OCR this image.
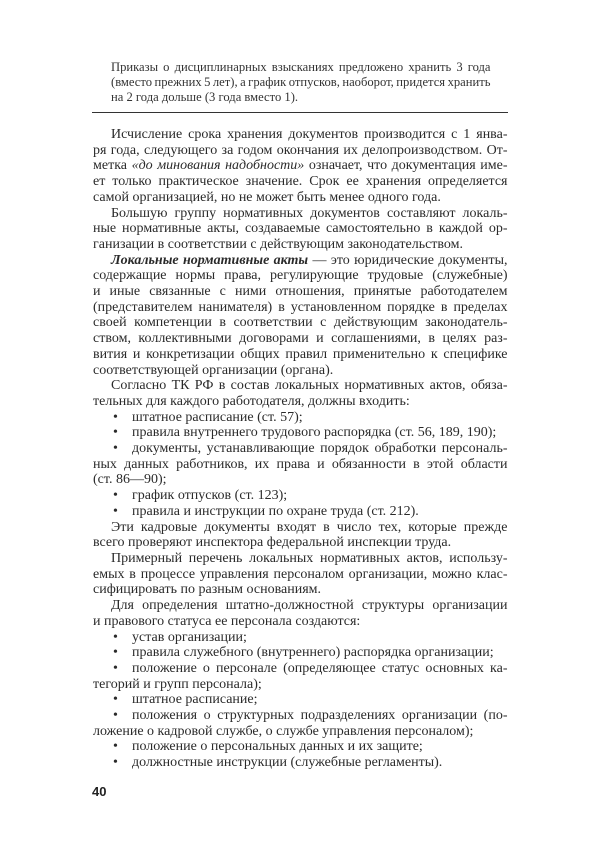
Приказы о дисциплинарных взысканиях предложено хранить 3 года
(вместо прежних 5 лет), а график отпусков, наоборот, придется хранить
на 2 года дольше (3 года вместо 1).
Исчисление срока хранения документов производится с 1 янва-
ря года, следующего за годом окончания их делопроизводством. От-
метка «до минования надобности» означает, что документация име-
ет только практическое значение. Срок ее хранения определяется
самой организацией, но не может быть менее одного года.
Большую группу нормативных документов составляют локаль-
ные нормативные акты, создаваемые самостоятельно в каждой ор-
ганизации в соответствии с действующим законодательством.
Локальные нормативные акты — это юридические документы,
содержащие нормы права, регулирующие трудовые (служебные)
и иные связанные с ними отношения, принятые работодателем
(представителем нанимателя) в установленном порядке в пределах
своей компетенции в соответствии с действующим законодатель-
ством, коллективными договорами и соглашениями, в целях раз-
вития и конкретизации общих правил применительно к специфике
соответствующей организации (органа).
Согласно ТК РФ в состав локальных нормативных актов, обяза-
тельных для каждого работодателя, должны входить:
• штатное расписание (ст. 57);
• правила внутреннего трудового распорядка (ст. 56, 189, 190);
• документы, устанавливающие порядок обработки персональ-
ных данных работников, их права и обязанности в этой области
(ст. 86—90);
• график отпусков (ст. 123);
• правила и инструкции по охране труда (ст. 212).
Эти кадровые документы входят в число тех, которые прежде
всего проверяют инспектора федеральной инспекции труда.
Примерный перечень локальных нормативных актов, использу-
емых в процессе управления персоналом организации, можно клас-
сифицировать по разным основаниям.
Для определения штатно-должностной структуры организации
и правового статуса ее персонала создаются:
• устав организации;
• правила служебного (внутреннего) распорядка организации;
• положение о персонале (определяющее статус основных ка-
тегорий и групп персонала);
• штатное расписание;
• положения о структурных подразделениях организации (по-
ложение о кадровой службе, о службе управления персоналом);
• положение о персональных данных и их защите;
• должностные инструкции (служебные регламенты).
40
